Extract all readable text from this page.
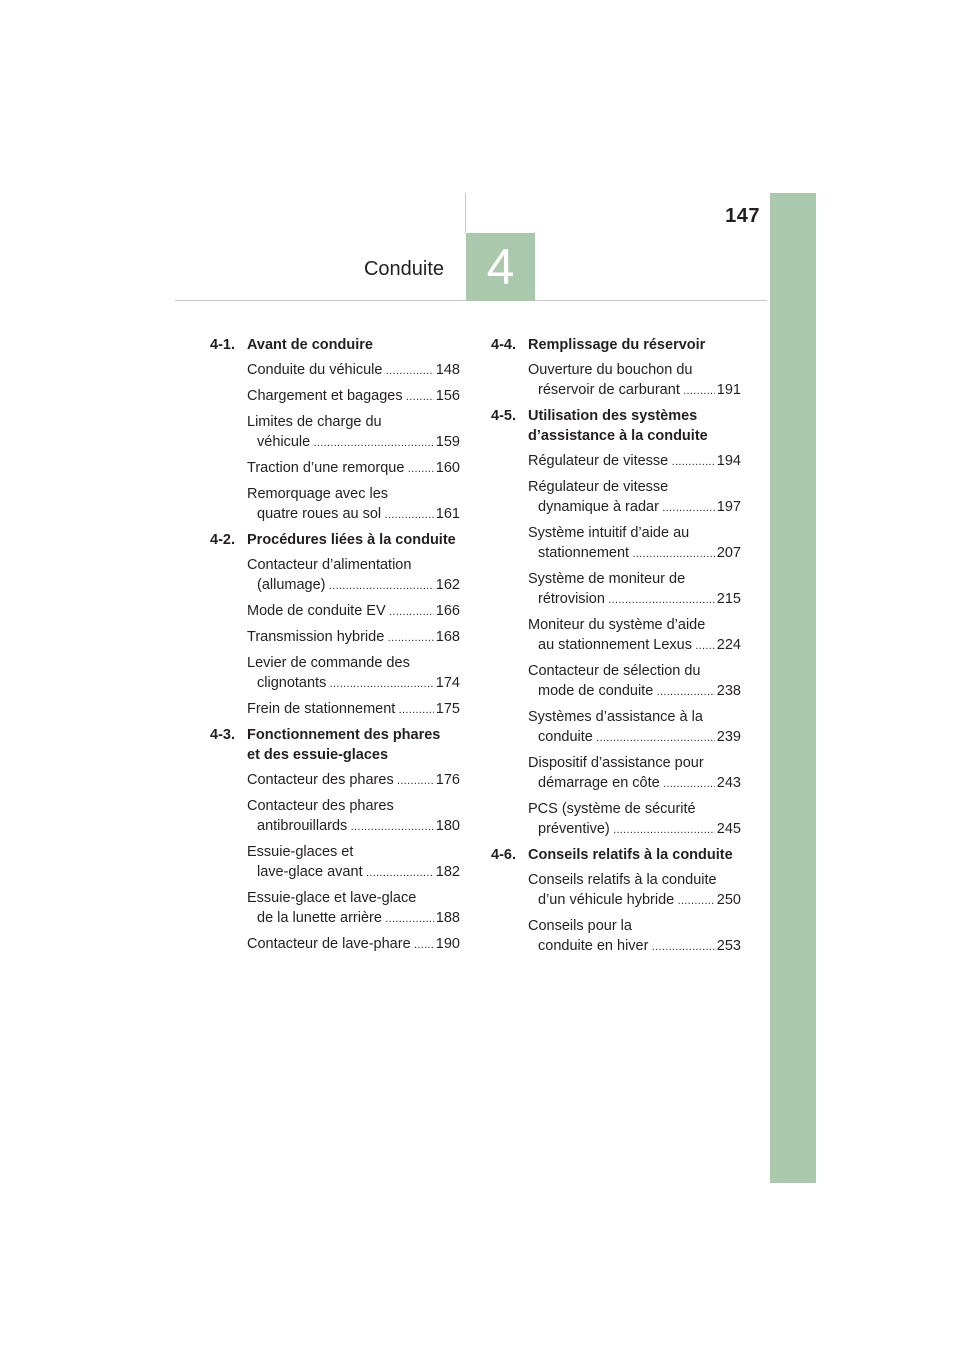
147
Conduite 4
4-1. Avant de conduire
Conduite du véhicule .....	148
Chargement et bagages .....	156
Limites de charge du
véhicule .....	159
Traction d’une remorque .....	160
Remorquage avec les
quatre roues au sol .....	161
4-2. Procédures liées à la conduite
Contacteur d’alimentation
(allumage) .....	162
Mode de conduite EV .....	166
Transmission hybride .....	168
Levier de commande des
clignotants .....	174
Frein de stationnement .....	175
4-3. Fonctionnement des phares
et des essuie-glaces
Contacteur des phares .....	176
Contacteur des phares
antibrouillards .....	180
Essuie-glaces et
lave-glace avant .....	182
Essuie-glace et lave-glace
de la lunette arrière .....	188
Contacteur de lave-phare .....	190
4-4. Remplissage du réservoir
Ouverture du bouchon du
réservoir de carburant .....	191
4-5. Utilisation des systèmes
d’assistance à la conduite
Régulateur de vitesse .....	194
Régulateur de vitesse
dynamique à radar .....	197
Système intuitif d’aide au
stationnement .....	207
Système de moniteur de
rétrovision .....	215
Moniteur du système d’aide
au stationnement Lexus .....	224
Contacteur de sélection du
mode de conduite .....	238
Systèmes d’assistance à la
conduite .....	239
Dispositif d’assistance pour
démarrage en côte .....	243
PCS (système de sécurité
préventive) .....	245
4-6. Conseils relatifs à la conduite
Conseils relatifs à la conduite
d’un véhicule hybride .....	250
Conseils pour la
conduite en hiver .....	253
